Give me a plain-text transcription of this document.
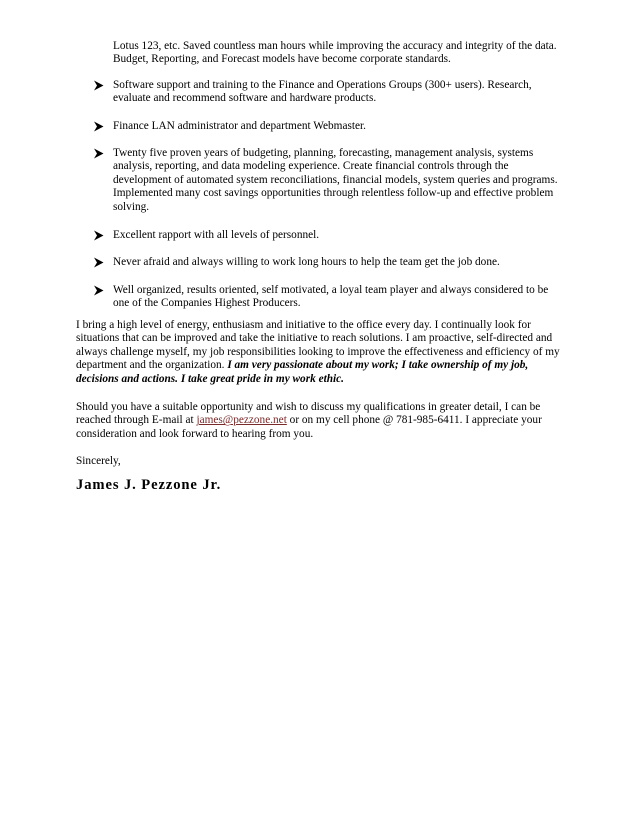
Lotus 123, etc. Saved countless man hours while improving the accuracy and integrity of the data. Budget, Reporting, and Forecast models have become corporate standards.

Software support and training to the Finance and Operations Groups (300+ users). Research, evaluate and recommend software and hardware products.

Finance LAN administrator and department Webmaster.

Twenty five proven years of budgeting, planning, forecasting, management analysis, systems analysis, reporting, and data modeling experience. Create financial controls through the development of automated system reconciliations, financial models, system queries and programs. Implemented many cost savings opportunities through relentless follow-up and effective problem solving.

Excellent rapport with all levels of personnel.

Never afraid and always willing to work long hours to help the team get the job done.

Well organized, results oriented, self motivated, a loyal team player and always considered to be one of the Companies Highest Producers.

I bring a high level of energy, enthusiasm and initiative to the office every day. I continually look for situations that can be improved and take the initiative to reach solutions. I am proactive, self-directed and always challenge myself, my job responsibilities looking to improve the effectiveness and efficiency of my department and the organization. I am very passionate about my work; I take ownership of my job, decisions and actions. I take great pride in my work ethic.

Should you have a suitable opportunity and wish to discuss my qualifications in greater detail, I can be reached through E-mail at james@pezzone.net or on my cell phone @ 781-985-6411. I appreciate your consideration and look forward to hearing from you.

Sincerely,

James J. Pezzone Jr.
